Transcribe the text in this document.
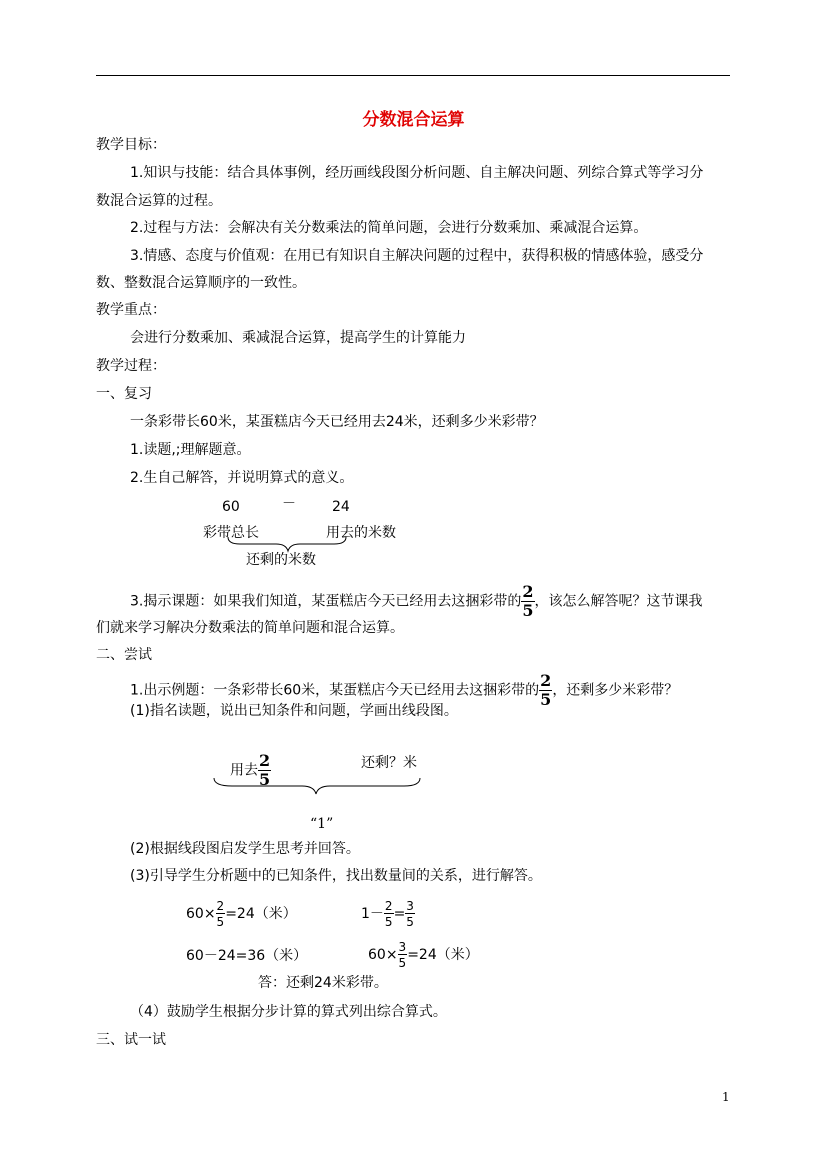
分数混合运算
教学目标：
1.知识与技能：结合具体事例，经历画线段图分析问题、自主解决问题、列综合算式等学习分
数混合运算的过程。
2.过程与方法：会解决有关分数乘法的简单问题，会进行分数乘加、乘减混合运算。
3.情感、态度与价值观：在用已有知识自主解决问题的过程中，获得积极的情感体验，感受分
数、整数混合运算顺序的一致性。
教学重点：
会进行分数乘加、乘减混合运算，提高学生的计算能力
教学过程：
一、复习
一条彩带长60米，某蛋糕店今天已经用去24米，还剩多少米彩带？
1.读题,;理解题意。
2.生自己解答，并说明算式的意义。
60	－	24
彩带总长	用去的米数
还剩的米数
3.揭示课题：如果我们知道，某蛋糕店今天已经用去这捆彩带的 $\frac{2}{5}$ ，该怎么解答呢？这节课我
们就来学习解决分数乘法的简单问题和混合运算。
二、尝试
1.出示例题：一条彩带长60米，某蛋糕店今天已经用去这捆彩带的 $\frac{2}{5}$ ，还剩多少米彩带？
(1)指名读题，说出已知条件和问题，学画出线段图。
用去 $\frac{2}{5}$	还剩？米
“1”
(2)根据线段图启发学生思考并回答。
(3)引导学生分析题中的已知条件，找出数量间的关系，进行解答。
$60\times \frac{2}{5} =24$（米）	$1- \frac{2}{5} = \frac{3}{5}$
60－24=36（米）	$60\times \frac{3}{5} =24$（米）
答：还剩24米彩带。
（4）鼓励学生根据分步计算的算式列出综合算式。
三、试一试
1
